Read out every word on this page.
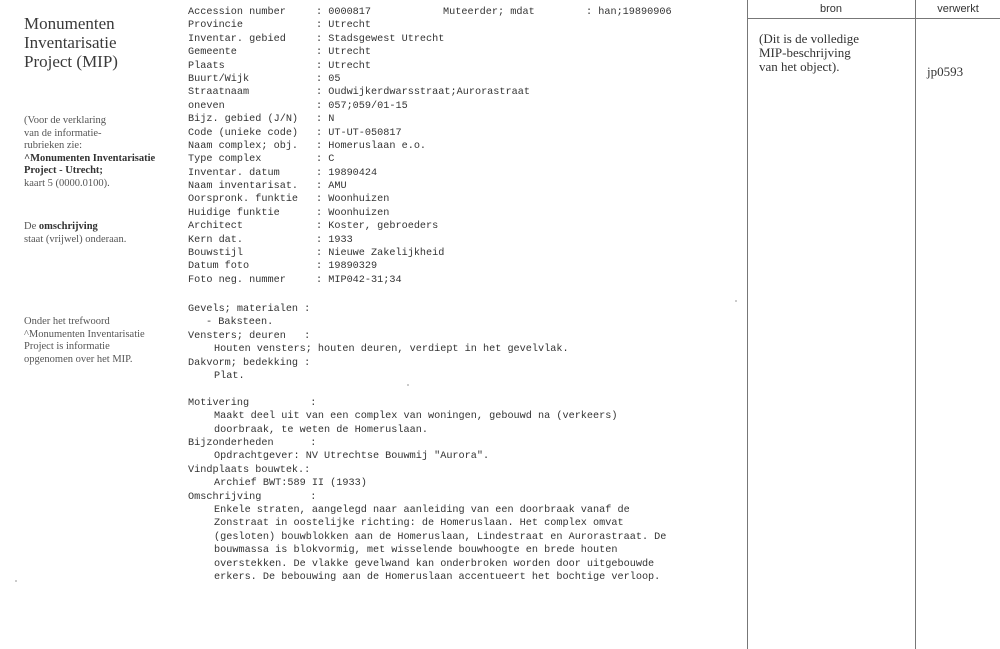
Monumenten
Inventarisatie
Project (MIP)
(Voor de verklaring
van de informatie-
rubrieken zie:
^Monumenten Inventarisatie
Project - Utrecht;
kaart 5 (0000.0100).
De omschrijving
staat (vrijwel) onderaan.
Onder het trefwoord
^Monumenten Inventarisatie
Project is informatie
opgenomen over het MIP.
Accession number	: 0000817
Provincie	: Utrecht
Inventar. gebied	: Stadsgewest Utrecht
Gemeente	: Utrecht
Plaats	: Utrecht
Buurt/Wijk	: 05
Straatnaam	: Oudwijkerdwarsstraat;Aurorastraat
oneven	: 057;059/01-15
Bijz. gebied (J/N) : N
Code (unieke code) : UT-UT-050817
Naam complex; obj. : Homeruslaan e.o.
Type complex	: C
Inventar. datum	: 19890424
Naam inventarisat. : AMU
Oorspronk. funktie : Woonhuizen
Huidige funktie	: Woonhuizen
Architect	: Koster, gebroeders
Kern dat.	: 1933
Bouwstijl	: Nieuwe Zakelijkheid
Datum foto	: 19890329
Foto neg. nummer	: MIP042-31;34
Muteerder; mdat	: han;19890906
Gevels; materialen :
- Baksteen.
Vensters; deuren   :
Houten vensters; houten deuren, verdiept in het gevelvlak.
Dakvorm; bedekking :
Plat.
Motivering          :
Maakt deel uit van een complex van woningen, gebouwd na (verkeers)
doorbraak, te weten de Homeruslaan.
Bijzonderheden      :
Opdrachtgever: NV Utrechtse Bouwmij "Aurora".
Vindplaats bouwtek.:
Archief BWT:589 II (1933)
Omschrijving        :
Enkele straten, aangelegd naar aanleiding van een doorbraak vanaf de
Zonstraat in oostelijke richting: de Homeruslaan. Het complex omvat
(gesloten) bouwblokken aan de Homeruslaan, Lindestraat en Aurorastraat. De
bouwmassa is blokvormig, met wisselende bouwhoogte en brede houten
overstekken. De vlakke gevelwand kan onderbroken worden door uitgebouwde
erkers. De bebouwing aan de Homeruslaan accentueert het bochtige verloop.
bron	verwerkt
(Dit is de volledige
MIP-beschrijving
van het object).	jp0593
